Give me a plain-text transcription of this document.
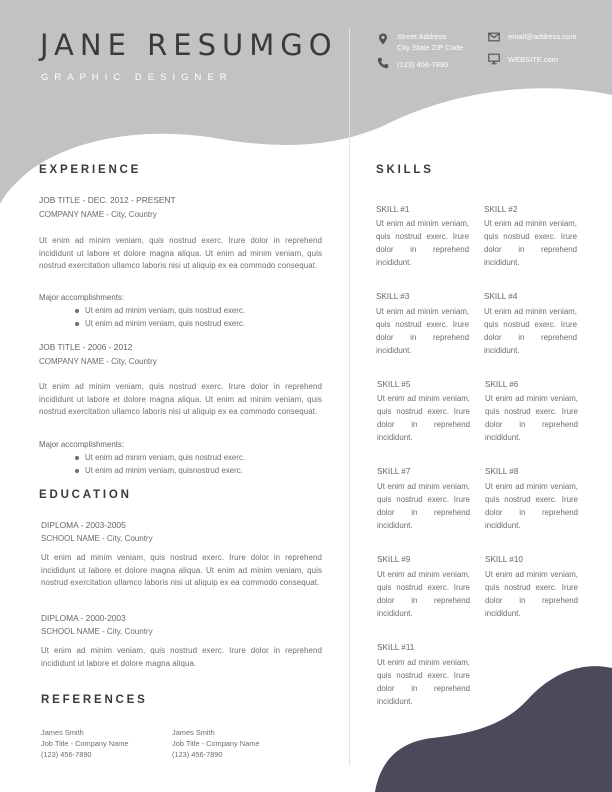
JANE RESUMGO
GRAPHIC DESIGNER
Street Address
City State ZIP Code
(123) 456-7890
email@address.com
WEBSITE.com
EXPERIENCE
JOB TITLE - DEC. 2012 - PRESENT
COMPANY NAME - City, Country
Ut enim ad minim veniam, quis nostrud exerc. Irure dolor in reprehend incididunt ut labore et dolore magna aliqua. Ut enim ad minim veniam, quis nostrud exercitation ullamco laboris nisi ut aliquip ex ea commodo consequat.
Major accomplishments:
Ut enim ad minim veniam, quis nostrud exerc.
Ut enim ad minim veniam, quis nostrud exerc.
JOB TITLE - 2006 - 2012
COMPANY NAME - City, Country
Ut enim ad minim veniam, quis nostrud exerc. Irure dolor in reprehend incididunt ut labore et dolore magna aliqua. Ut enim ad minim veniam, quis nostrud exercitation ullamco laboris nisi ut aliquip ex ea commodo consequat.
Major accomplishments:
Ut enim ad minim veniam, quis nostrud exerc.
Ut enim ad minim veniam, quisnostrud exerc.
EDUCATION
DIPLOMA - 2003-2005
SCHOOL NAME - City, Country
Ut enim ad minim veniam, quis nostrud exerc. Irure dolor in reprehend incididunt ut labore et dolore magna aliqua. Ut enim ad minim veniam, quis nostrud exercitation ullamco laboris nisi ut aliquip ex ea commodo consequat.
DIPLOMA - 2000-2003
SCHOOL NAME - City, Country
Ut enim ad minim veniam, quis nostrud exerc. Irure dolor in reprehend incididunt ut labore et dolore magna aliqua.
REFERENCES
James Smith
Job Title - Company Name
(123) 456-7890
James Smith
Job Title - Company Name
(123) 456-7890
SKILLS
SKILL #1
Ut enim ad minim veniam, quis nostrud exerc. Irure dolor in reprehend incididunt.
SKILL #2
Ut enim ad minim veniam, quis nostrud exerc. Irure dolor in reprehend incididunt.
SKILL #3
Ut enim ad minim veniam, quis nostrud exerc. Irure dolor in reprehend incididunt.
SKILL #4
Ut enim ad minim veniam, quis nostrud exerc. Irure dolor in reprehend incididunt.
SKILL #5
Ut enim ad minim veniam, quis nostrud exerc. Irure dolor in reprehend incididunt.
SKILL #6
Ut enim ad minim veniam, quis nostrud exerc. Irure dolor in reprehend incididunt.
SKILL #7
Ut enim ad minim veniam, quis nostrud exerc. Irure dolor in reprehend incididunt.
SKILL #8
Ut enim ad minim veniam, quis nostrud exerc. Irure dolor in reprehend incididunt.
SKILL #9
Ut enim ad minim veniam, quis nostrud exerc. Irure dolor in reprehend incididunt.
SKILL #10
Ut enim ad minim veniam, quis nostrud exerc. Irure dolor in reprehend incididunt.
SKILL #11
Ut enim ad minim veniam, quis nostrud exerc. Irure dolor in reprehend incididunt.
